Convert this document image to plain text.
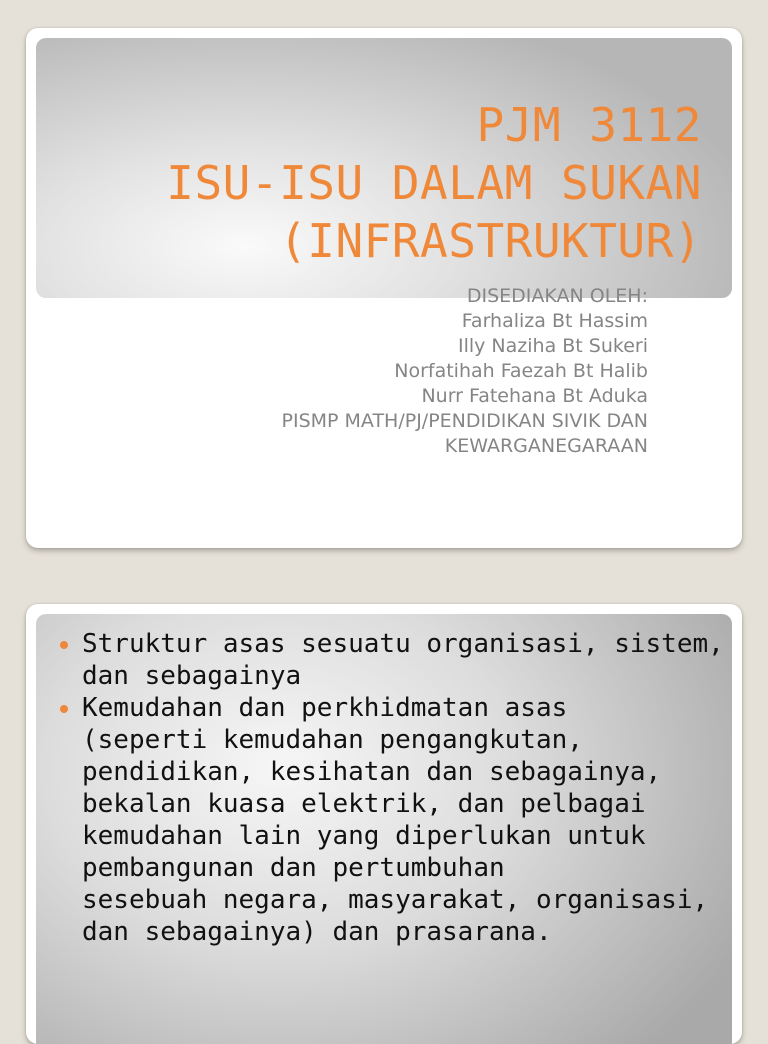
PJM 3112
ISU-ISU DALAM SUKAN
(INFRASTRUKTUR)
DISEDIAKAN OLEH:
Farhaliza Bt Hassim
Illy Naziha Bt Sukeri
Norfatihah Faezah Bt Halib
Nurr Fatehana Bt Aduka
PISMP MATH/PJ/PENDIDIKAN SIVIK DAN
KEWARGANEGARAAN
Struktur asas sesuatu organisasi, sistem,
dan sebagainya
Kemudahan dan perkhidmatan asas
(seperti kemudahan pengangkutan,
pendidikan, kesihatan dan sebagainya,
bekalan kuasa elektrik, dan pelbagai
kemudahan lain yang diperlukan untuk
pembangunan dan pertumbuhan
sesebuah negara, masyarakat, organisasi,
dan sebagainya) dan prasarana.
